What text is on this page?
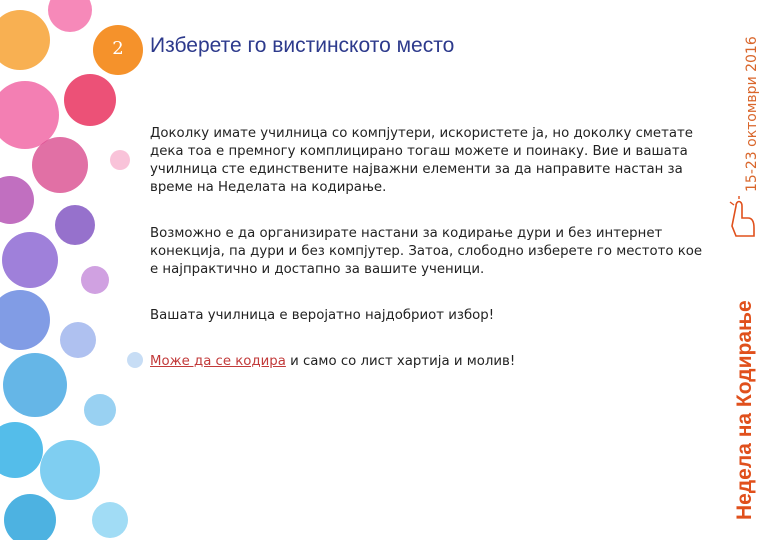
2	Изберете го вистинското место

Доколку имате училница со компјутери, искористете ја, но доколку сметате дека тоа е премногу комплицирано тогаш можете и поинаку. Вие и вашата училница сте единствените најважни елементи за да направите настан за време на Неделата на кодирање.

Возможно е да организирате настани за кодирање дури и без интернет конекција, па дури и без компјутер. Затоа, слободно изберете го местото кое е најпрактично и достапно за вашите ученици.

Вашата училница е веројатно најдобриот избор!

Може да се кодира и само со лист хартија и молив!

15-23 октомври 2016
Недела на Кодирање
